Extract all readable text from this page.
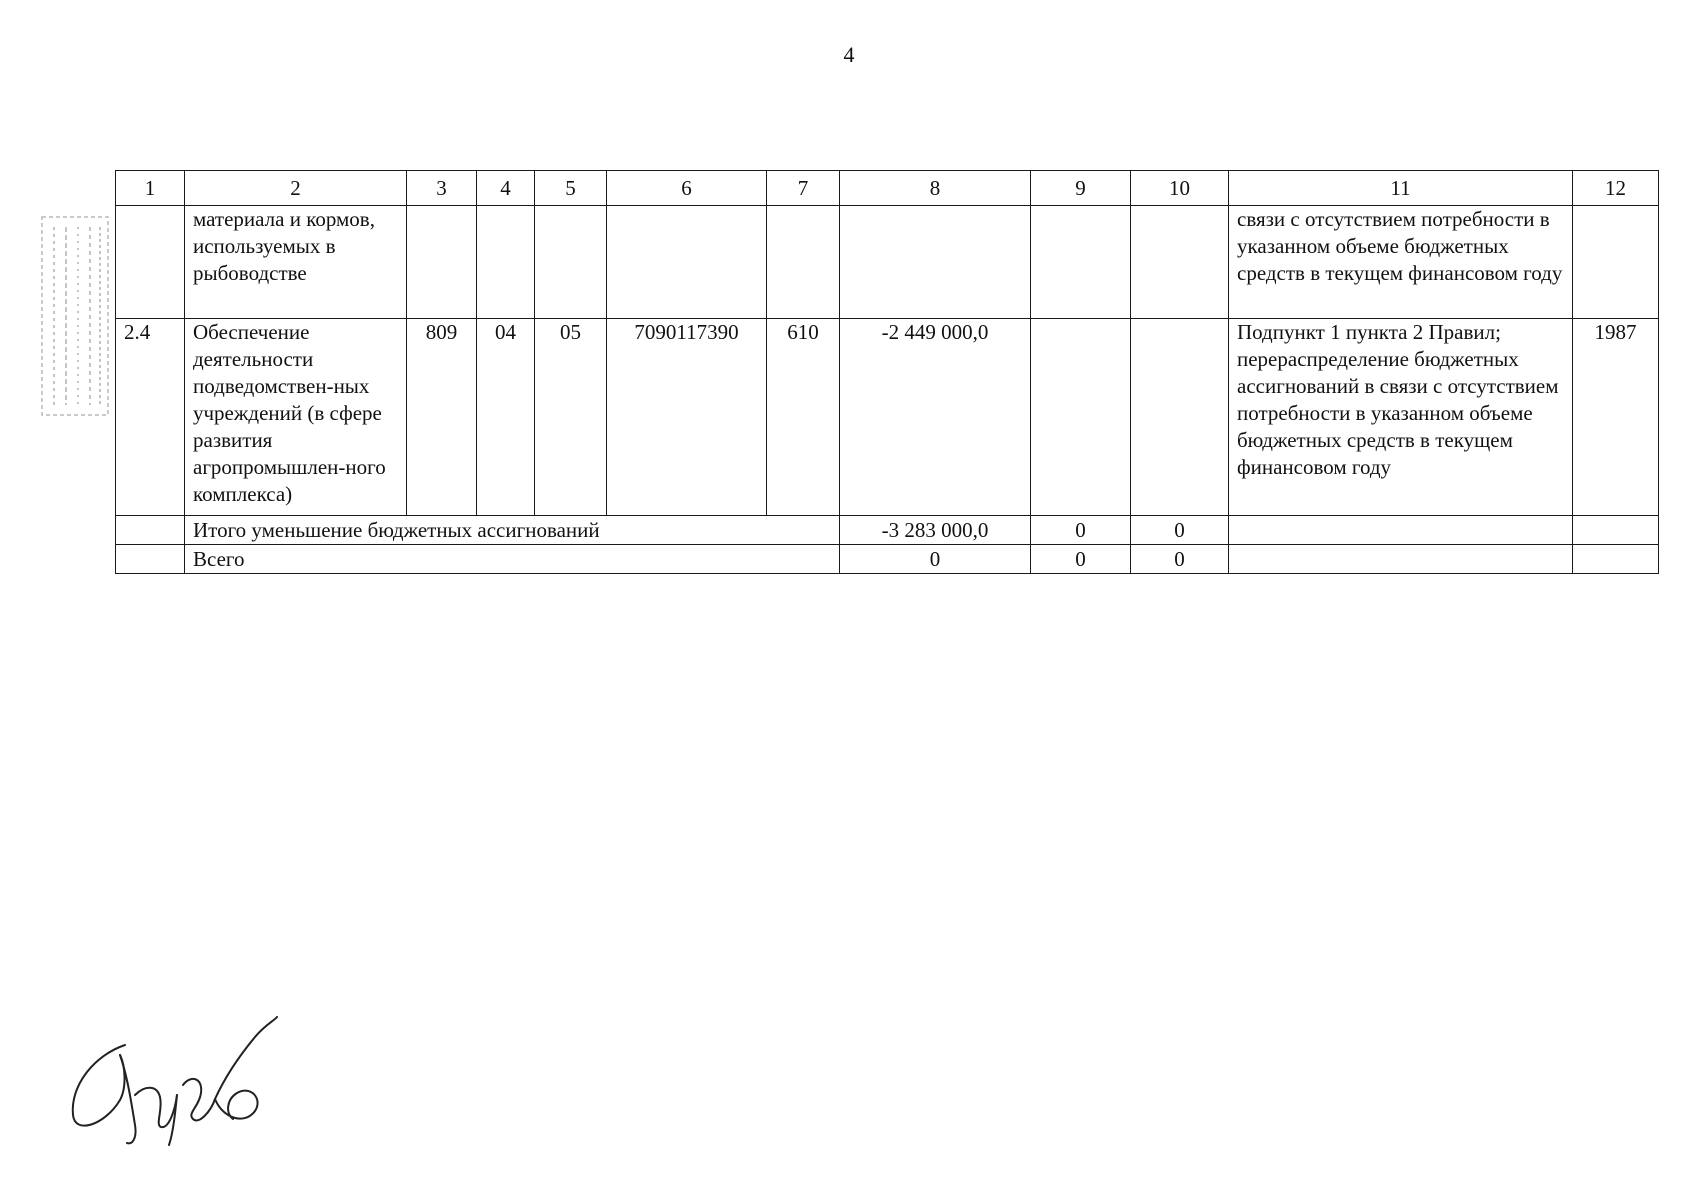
4
1	2	3	4	5	6	7	8	9	10	11	12
	материала и кормов, используемых в рыбоводстве									связи с отсутствием потребности в указанном объеме бюджетных средств в текущем финансовом году	
2.4	Обеспечение деятельности подведомствен-ных учреждений (в сфере развития агропромышлен-ного комплекса)	809	04	05	7090117390	610	-2 449 000,0			Подпункт 1 пункта 2 Правил; перераспределение бюджетных ассигнований в связи с отсутствием потребности в указанном объеме бюджетных средств в текущем финансовом году	1987
	Итого уменьшение бюджетных ассигнований						-3 283 000,0	0	0		
	Всего						0	0	0		
